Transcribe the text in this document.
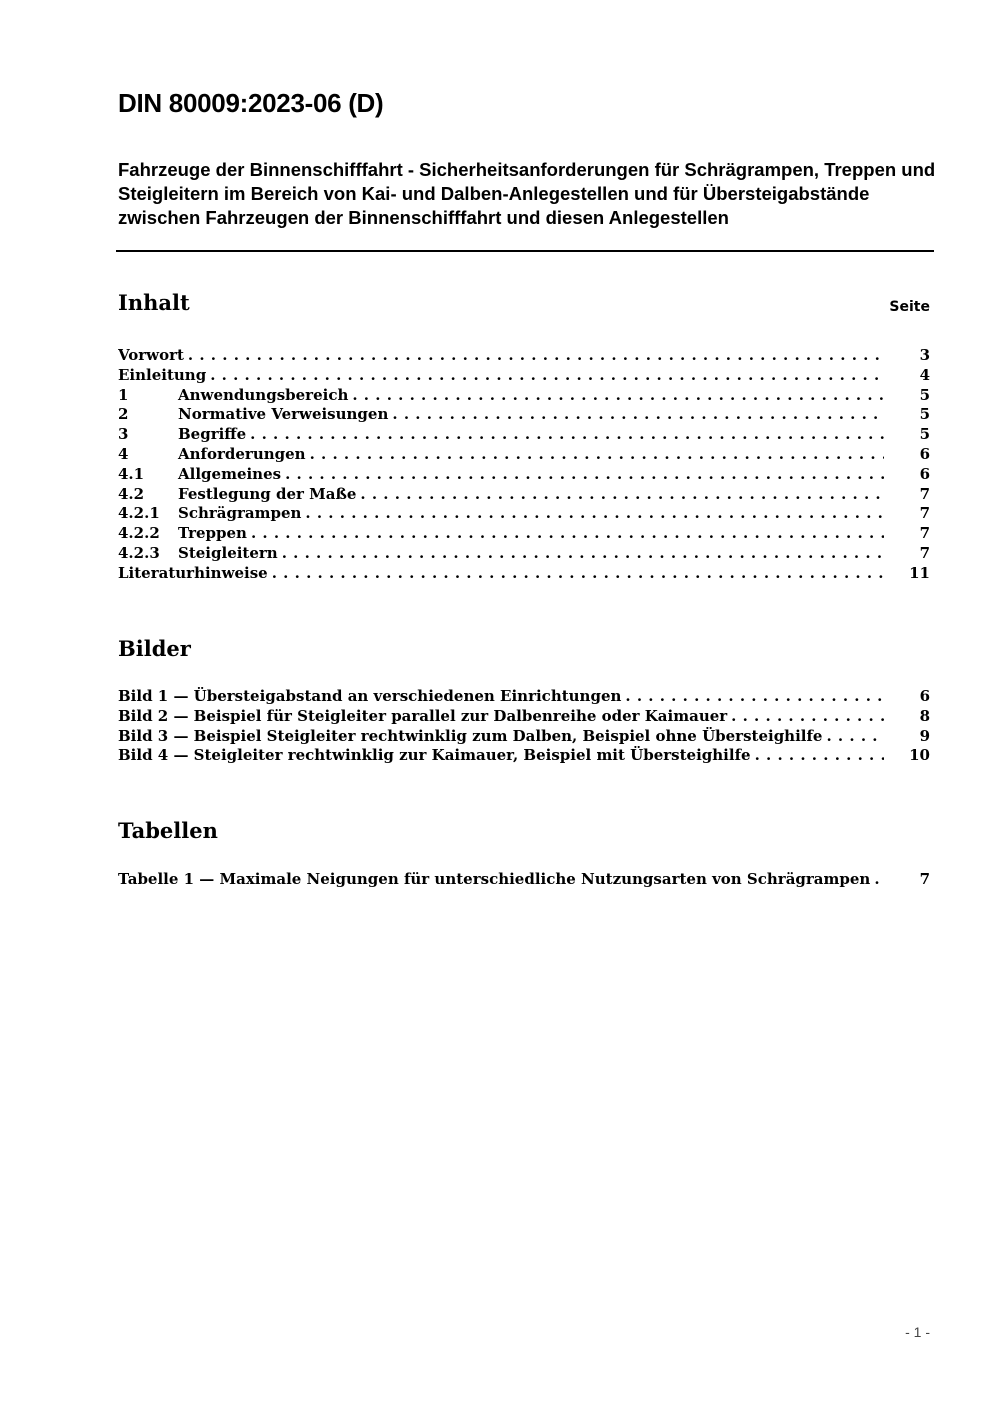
DIN 80009:2023-06 (D)
Fahrzeuge der Binnenschifffahrt - Sicherheitsanforderungen für Schrägrampen, Treppen und Steigleitern im Bereich von Kai- und Dalben-Anlegestellen und für Übersteigabstände zwischen Fahrzeugen der Binnenschifffahrt und diesen Anlegestellen
Inhalt	Seite
Vorwort . . .	3
Einleitung . . .	4
1	Anwendungsbereich . . .	5
2	Normative Verweisungen . . .	5
3	Begriffe . . .	5
4	Anforderungen . . .	6
4.1	Allgemeines . . .	6
4.2	Festlegung der Maße . . .	7
4.2.1	Schrägrampen . . .	7
4.2.2	Treppen . . .	7
4.2.3	Steigleitern . . .	7
Literaturhinweise . . .	11
Bilder
Bild 1 — Übersteigabstand an verschiedenen Einrichtungen . . .	6
Bild 2 — Beispiel für Steigleiter parallel zur Dalbenreihe oder Kaimauer . . .	8
Bild 3 — Beispiel Steigleiter rechtwinklig zum Dalben, Beispiel ohne Übersteighilfe . . .	9
Bild 4 — Steigleiter rechtwinklig zur Kaimauer, Beispiel mit Übersteighilfe . . .	10
Tabellen
Tabelle 1 — Maximale Neigungen für unterschiedliche Nutzungsarten von Schrägrampen . . .	7
- 1 -
